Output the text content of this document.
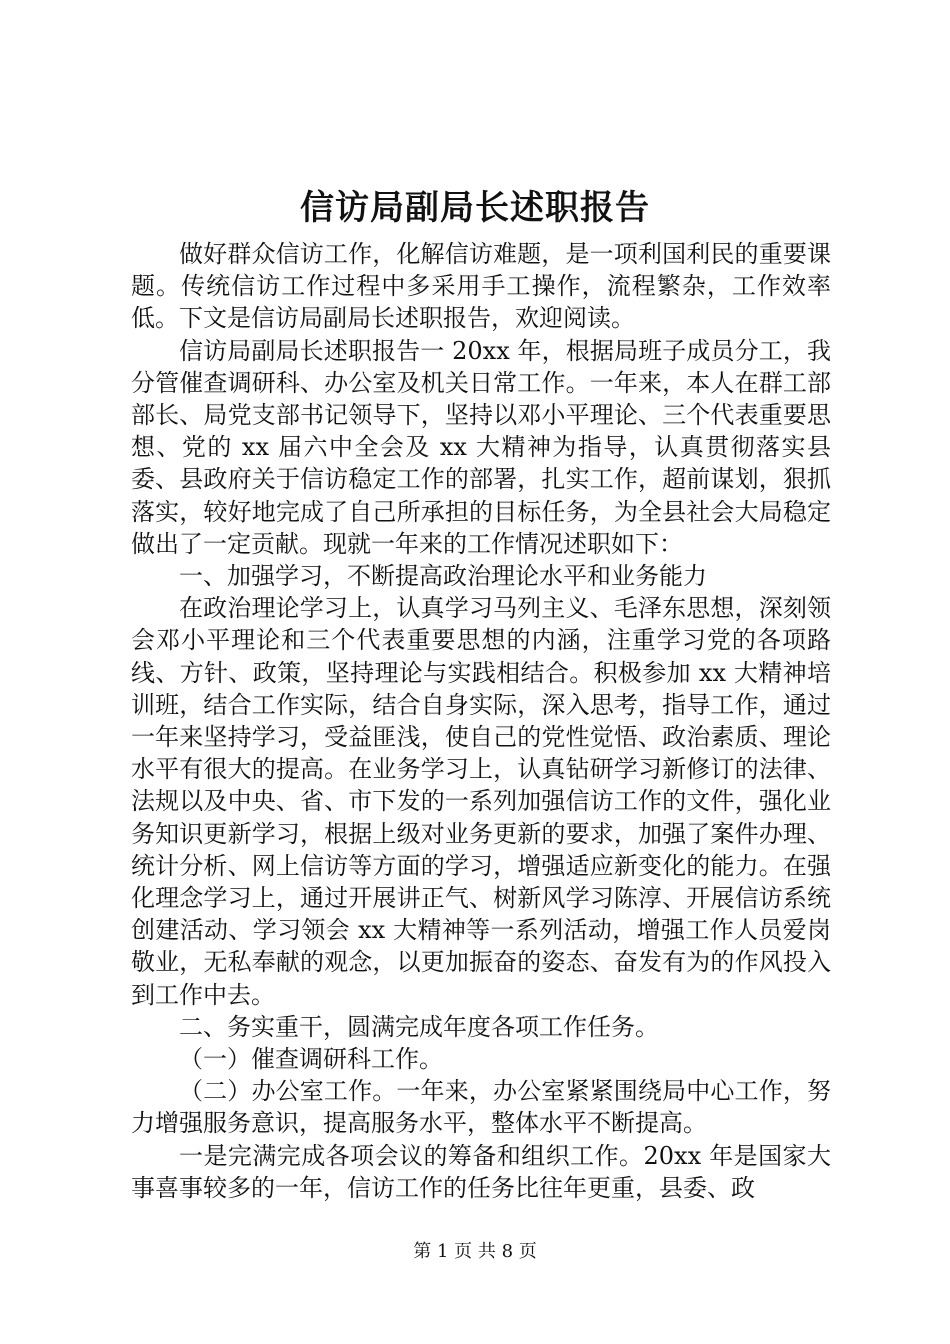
信访局副局长述职报告

做好群众信访工作，化解信访难题，是一项利国利民的重要课题。传统信访工作过程中多采用手工操作，流程繁杂，工作效率低。下文是信访局副局长述职报告，欢迎阅读。

信访局副局长述职报告一 20xx 年，根据局班子成员分工，我分管催查调研科、办公室及机关日常工作。一年来，本人在群工部部长、局党支部书记领导下，坚持以邓小平理论、三个代表重要思想、党的 xx 届六中全会及 xx 大精神为指导，认真贯彻落实县委、县政府关于信访稳定工作的部署，扎实工作，超前谋划，狠抓落实，较好地完成了自己所承担的目标任务，为全县社会大局稳定做出了一定贡献。现就一年来的工作情况述职如下：

一、加强学习，不断提高政治理论水平和业务能力

在政治理论学习上，认真学习马列主义、毛泽东思想，深刻领会邓小平理论和三个代表重要思想的内涵，注重学习党的各项路线、方针、政策，坚持理论与实践相结合。积极参加 xx 大精神培训班，结合工作实际，结合自身实际，深入思考，指导工作，通过一年来坚持学习，受益匪浅，使自己的党性觉悟、政治素质、理论水平有很大的提高。在业务学习上，认真钻研学习新修订的法律、法规以及中央、省、市下发的一系列加强信访工作的文件，强化业务知识更新学习，根据上级对业务更新的要求，加强了案件办理、统计分析、网上信访等方面的学习，增强适应新变化的能力。在强化理念学习上，通过开展讲正气、树新风学习陈淳、开展信访系统创建活动、学习领会 xx 大精神等一系列活动，增强工作人员爱岗敬业，无私奉献的观念，以更加振奋的姿态、奋发有为的作风投入到工作中去。

二、务实重干，圆满完成年度各项工作任务。

（一）催查调研科工作。

（二）办公室工作。一年来，办公室紧紧围绕局中心工作，努力增强服务意识，提高服务水平，整体水平不断提高。

一是完满完成各项会议的筹备和组织工作。20xx 年是国家大事喜事较多的一年，信访工作的任务比往年更重，县委、政

第 1 页 共 8 页
